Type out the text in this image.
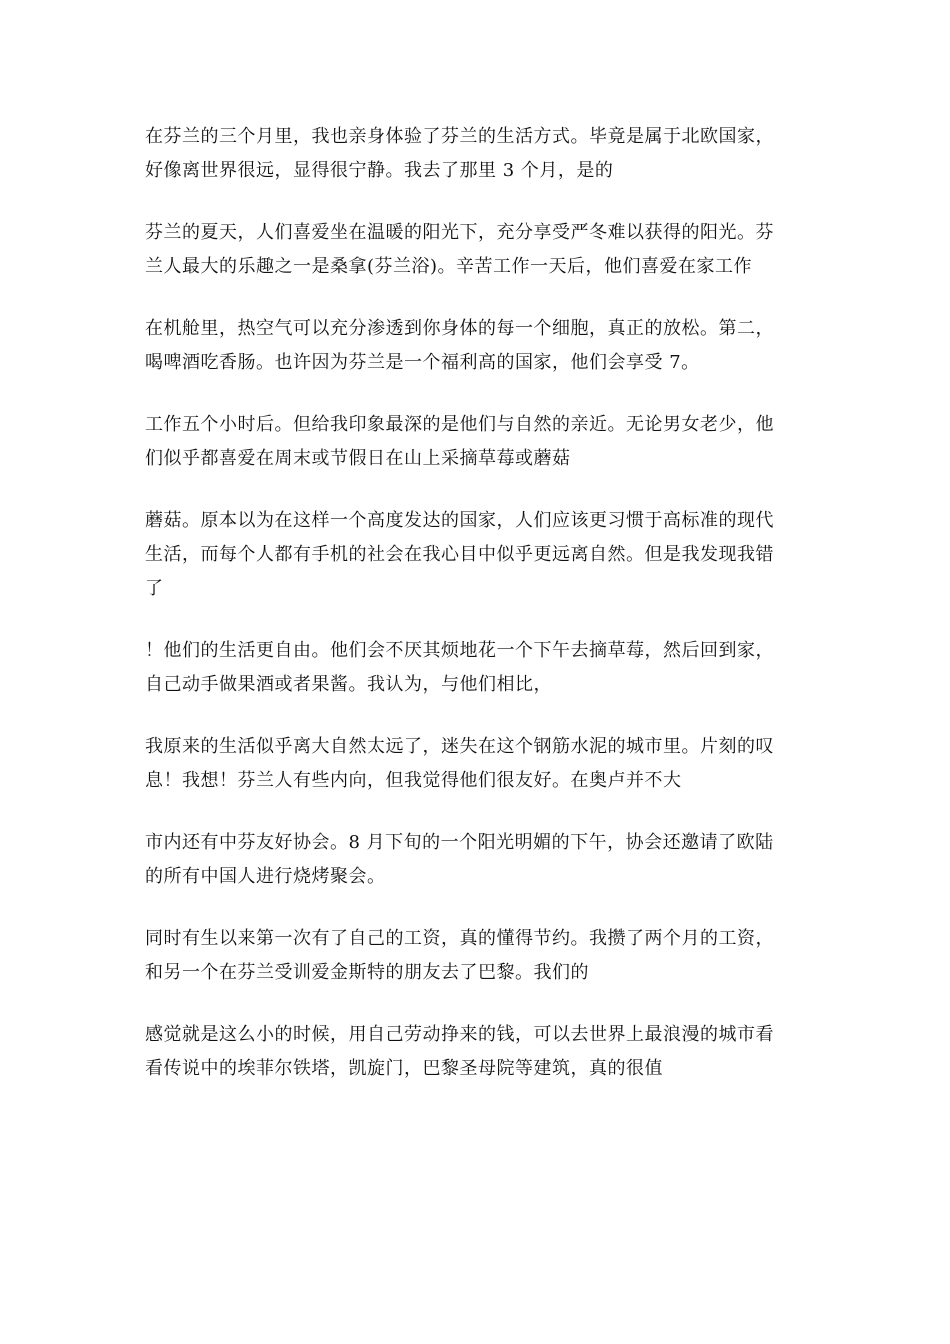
在芬兰的三个月里，我也亲身体验了芬兰的生活方式。毕竟是属于北欧国家，
好像离世界很远，显得很宁静。我去了那里 3 个月，是的

芬兰的夏天，人们喜爱坐在温暖的阳光下，充分享受严冬难以获得的阳光。芬
兰人最大的乐趣之一是桑拿(芬兰浴)。辛苦工作一天后，他们喜爱在家工作

在机舱里，热空气可以充分渗透到你身体的每一个细胞，真正的放松。第二，
喝啤酒吃香肠。也许因为芬兰是一个福利高的国家，他们会享受 7。

工作五个小时后。但给我印象最深的是他们与自然的亲近。无论男女老少，他
们似乎都喜爱在周末或节假日在山上采摘草莓或蘑菇

蘑菇。原本以为在这样一个高度发达的国家，人们应该更习惯于高标准的现代
生活，而每个人都有手机的社会在我心目中似乎更远离自然。但是我发现我错
了

！他们的生活更自由。他们会不厌其烦地花一个下午去摘草莓，然后回到家，
自己动手做果酒或者果酱。我认为，与他们相比，

我原来的生活似乎离大自然太远了，迷失在这个钢筋水泥的城市里。片刻的叹
息！我想！芬兰人有些内向，但我觉得他们很友好。在奥卢并不大

市内还有中芬友好协会。8 月下旬的一个阳光明媚的下午，协会还邀请了欧陆
的所有中国人进行烧烤聚会。

同时有生以来第一次有了自己的工资，真的懂得节约。我攒了两个月的工资，
和另一个在芬兰受训爱金斯特的朋友去了巴黎。我们的

感觉就是这么小的时候，用自己劳动挣来的钱，可以去世界上最浪漫的城市看
看传说中的埃菲尔铁塔，凯旋门，巴黎圣母院等建筑，真的很值
